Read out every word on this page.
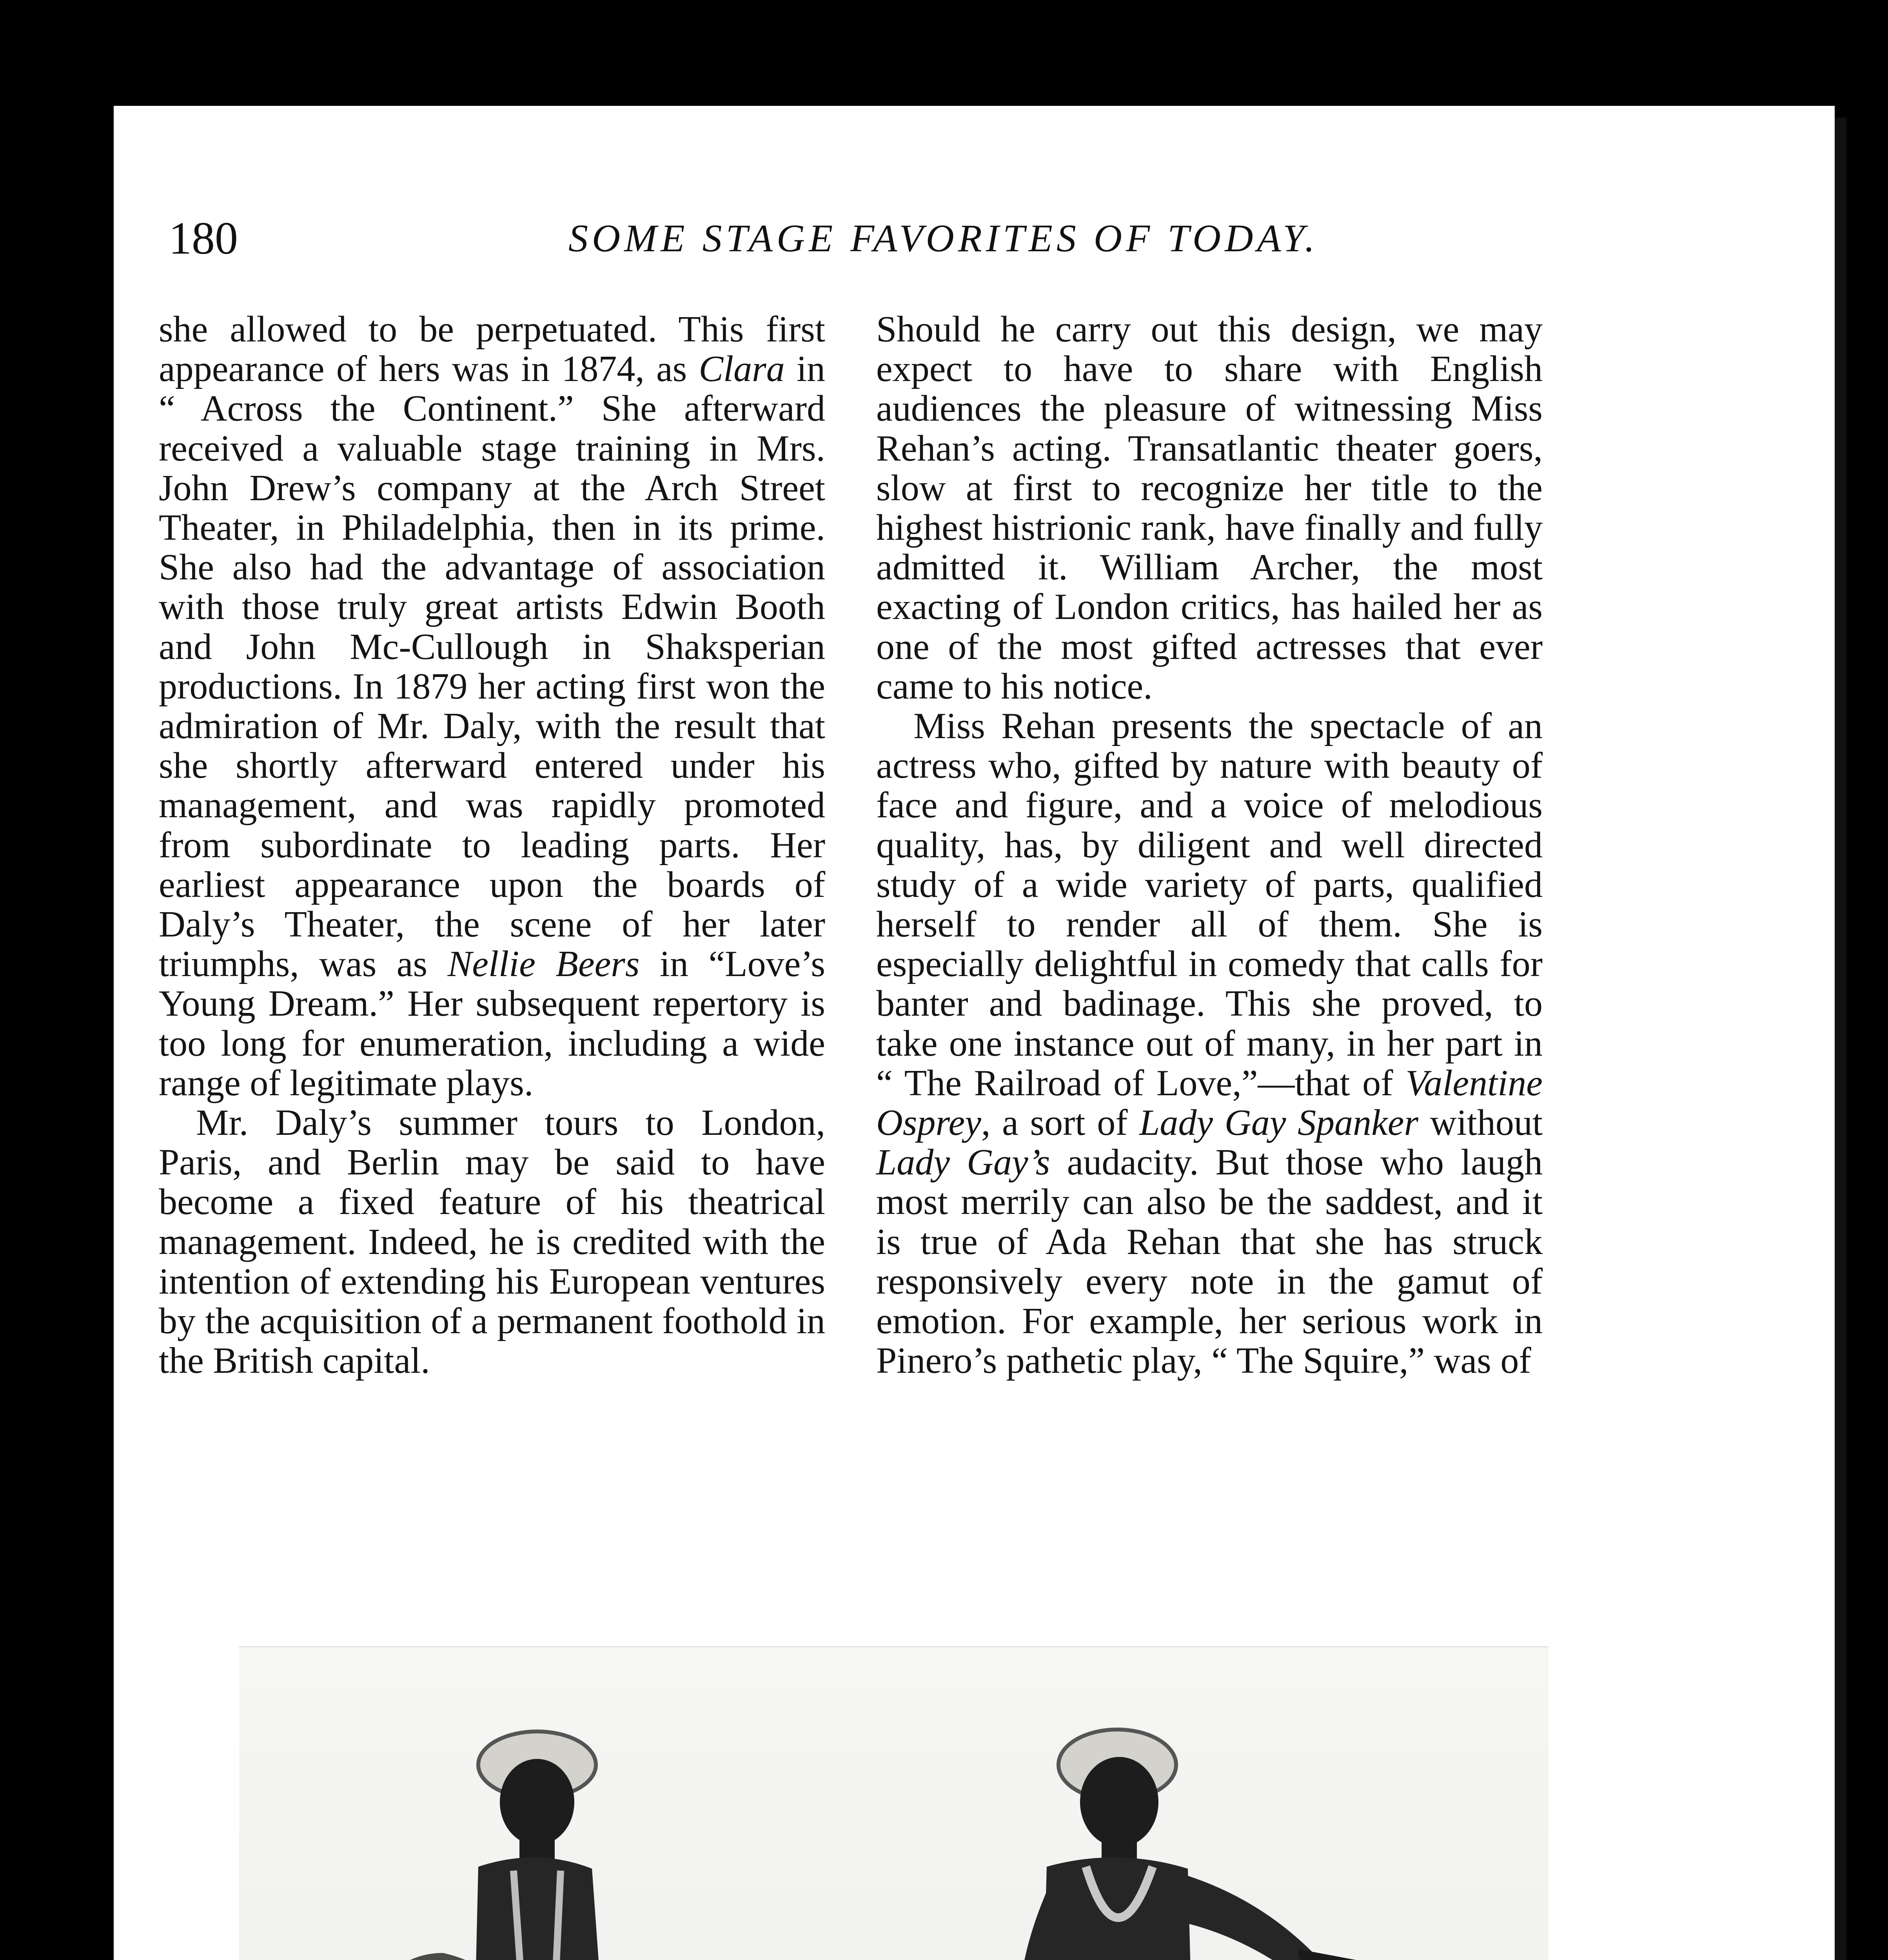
180	SOME STAGE FAVORITES OF TODAY.

she allowed to be perpetuated. This first appearance of hers was in 1874, as Clara in “ Across the Continent.” She afterward received a valuable stage training in Mrs. John Drew’s company at the Arch Street Theater, in Philadelphia, then in its prime. She also had the advantage of association with those truly great artists Edwin Booth and John Mc-Cullough in Shaksperian productions. In 1879 her acting first won the admiration of Mr. Daly, with the result that she shortly afterward entered under his management, and was rapidly promoted from subordinate to leading parts. Her earliest appearance upon the boards of Daly’s Theater, the scene of her later triumphs, was as Nellie Beers in “Love’s Young Dream.” Her subsequent repertory is too long for enumeration, including a wide range of legitimate plays.

Mr. Daly’s summer tours to London, Paris, and Berlin may be said to have become a fixed feature of his theatrical management. Indeed, he is credited with the intention of extending his European ventures by the acquisition of a permanent foothold in the British capital.

Should he carry out this design, we may expect to have to share with English audiences the pleasure of witnessing Miss Rehan’s acting. Transatlantic theater goers, slow at first to recognize her title to the highest histrionic rank, have finally and fully admitted it. William Archer, the most exacting of London critics, has hailed her as one of the most gifted actresses that ever came to his notice.

Miss Rehan presents the spectacle of an actress who, gifted by nature with beauty of face and figure, and a voice of melodious quality, has, by diligent and well directed study of a wide variety of parts, qualified herself to render all of them. She is especially delightful in comedy that calls for banter and badinage. This she proved, to take one instance out of many, in her part in “ The Railroad of Love,”—that of Valentine Osprey, a sort of Lady Gay Spanker without Lady Gay’s audacity. But those who laugh most merrily can also be the saddest, and it is true of Ada Rehan that she has struck responsively every note in the gamut of emotion. For example, her serious work in Pinero’s pathetic play, “ The Squire,” was of
